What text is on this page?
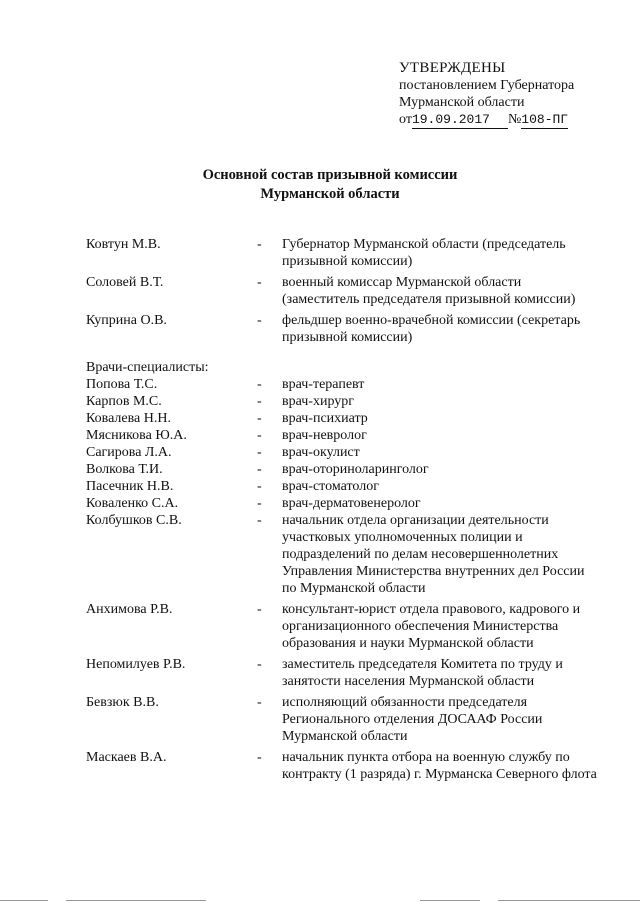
УТВЕРЖДЕНЫ
постановлением Губернатора
Мурманской области
от19.09.2017 №108-ПГ
Основной состав призывной комиссии
Мурманской области
Ковтун М.В.	- Губернатор Мурманской области (председатель призывной комиссии)
Соловей В.Т.	- военный комиссар Мурманской области (заместитель председателя призывной комиссии)
Куприна О.В.	- фельдшер военно-врачебной комиссии (секретарь призывной комиссии)
Врачи-специалисты:
Попова Т.С.	- врач-терапевт
Карпов М.С.	- врач-хирург
Ковалева Н.Н.	- врач-психиатр
Мясникова Ю.А.	- врач-невролог
Сагирова Л.А.	- врач-окулист
Волкова Т.И.	- врач-оториноларинголог
Пасечник Н.В.	- врач-стоматолог
Коваленко С.А.	- врач-дерматовенеролог
Колбушков С.В.	- начальник отдела организации деятельности участковых уполномоченных полиции и подразделений по делам несовершеннолетних Управления Министерства внутренних дел России по Мурманской области
Анхимова Р.В.	- консультант-юрист отдела правового, кадрового и организационного обеспечения Министерства образования и науки Мурманской области
Непомилуев Р.В.	- заместитель председателя Комитета по труду и занятости населения Мурманской области
Бевзюк В.В.	- исполняющий обязанности председателя Регионального отделения ДОСААФ России Мурманской области
Маскаев В.А.	- начальник пункта отбора на военную службу по контракту (1 разряда) г. Мурманска Северного флота
